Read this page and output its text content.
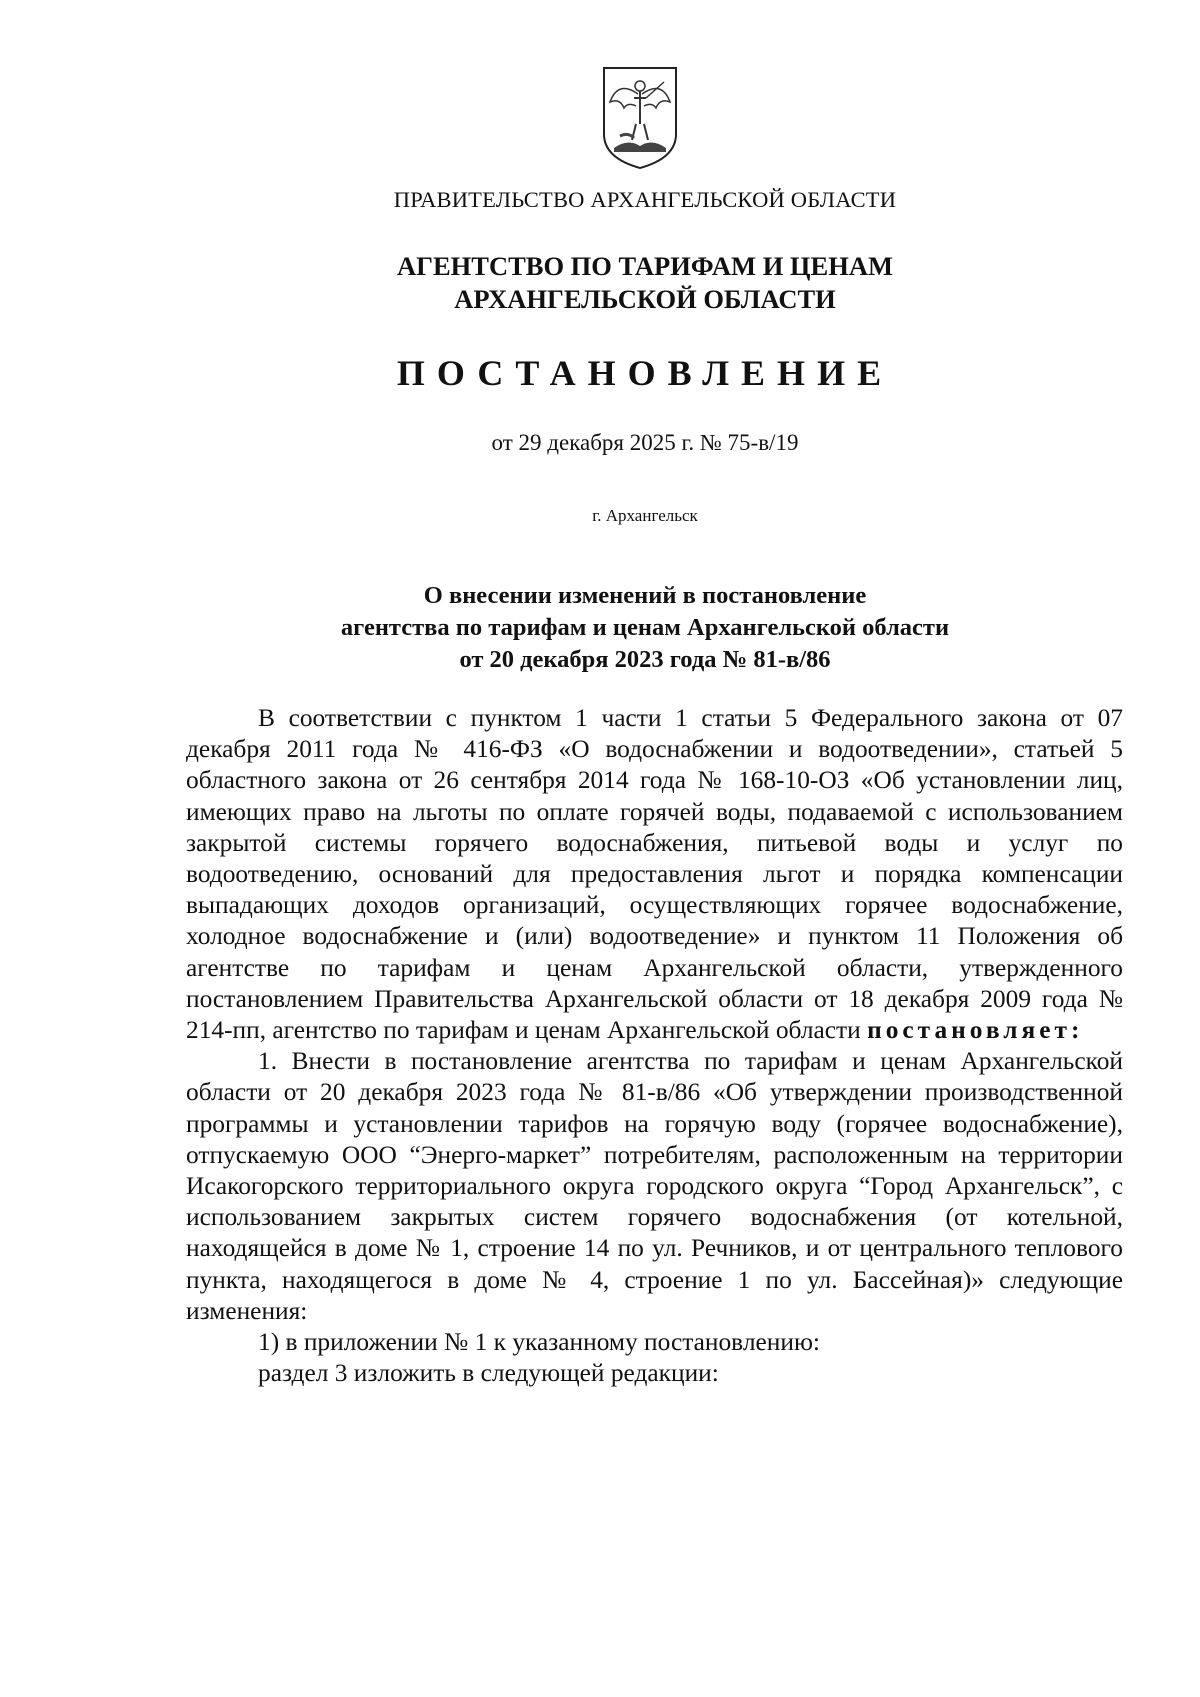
ПРАВИТЕЛЬСТВО АРХАНГЕЛЬСКОЙ ОБЛАСТИ
АГЕНТСТВО ПО ТАРИФАМ И ЦЕНАМ
АРХАНГЕЛЬСКОЙ ОБЛАСТИ
ПОСТАНОВЛЕНИЕ
от 29 декабря 2025 г. № 75-в/19
г. Архангельск
О внесении изменений в постановление
агентства по тарифам и ценам Архангельской области
от 20 декабря 2023 года № 81-в/86

В соответствии с пунктом 1 части 1 статьи 5 Федерального закона от 07 декабря 2011 года № 416-ФЗ «О водоснабжении и водоотведении», статьей 5 областного закона от 26 сентября 2014 года № 168-10-ОЗ «Об установлении лиц, имеющих право на льготы по оплате горячей воды, подаваемой с использованием закрытой системы горячего водоснабжения, питьевой воды и услуг по водоотведению, оснований для предоставления льгот и порядка компенсации выпадающих доходов организаций, осуществляющих горячее водоснабжение, холодное водоснабжение и (или) водоотведение» и пунктом 11 Положения об агентстве по тарифам и ценам Архангельской области, утвержденного постановлением Правительства Архангельской области от 18 декабря 2009 года № 214-пп, агентство по тарифам и ценам Архангельской области постановляет:

1. Внести в постановление агентства по тарифам и ценам Архангельской области от 20 декабря 2023 года № 81-в/86 «Об утверждении производственной программы и установлении тарифов на горячую воду (горячее водоснабжение), отпускаемую ООО “Энерго-маркет” потребителям, расположенным на территории Исакогорского территориального округа городского округа “Город Архангельск”, с использованием закрытых систем горячего водоснабжения (от котельной, находящейся в доме № 1, строение 14 по ул. Речников, и от центрального теплового пункта, находящегося в доме № 4, строение 1 по ул. Бассейная)» следующие изменения:

1) в приложении № 1 к указанному постановлению:

раздел 3 изложить в следующей редакции:
